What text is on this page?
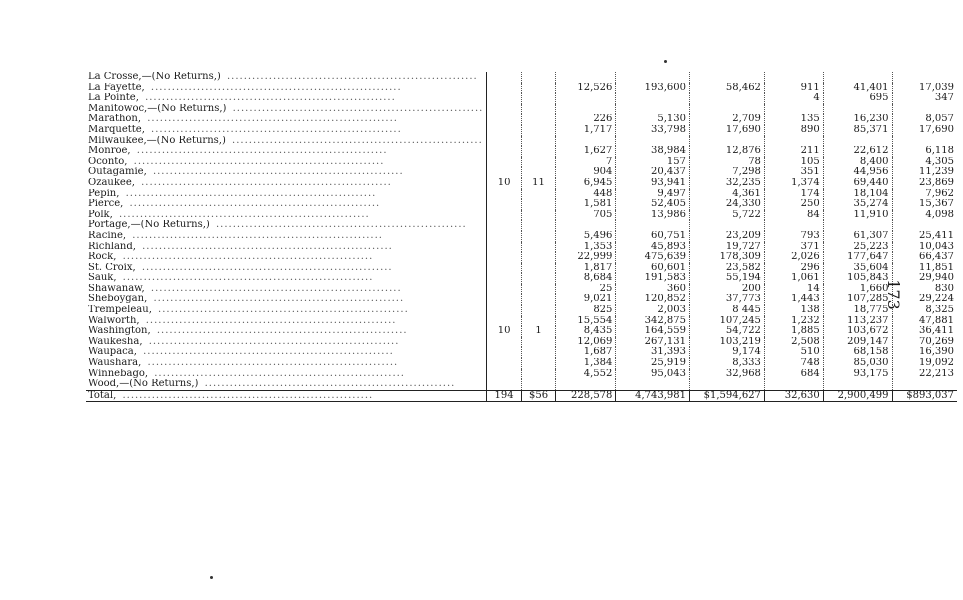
La Crosse,—(No Returns,) ............................................................									
La Fayette, ............................................................			12,526	193,600	58,462	911	41,401	17,039	
La Pointe, ............................................................						4	695	347	
Manitowoc,—(No Returns,) ............................................................									
Marathon, ............................................................			226	5,130	2,709	135	16,230	8,057	
Marquette, ............................................................			1,717	33,798	17,690	890	85,371	17,690	
Milwaukee,—(No Returns,) ............................................................									
Monroe, ............................................................			1,627	38,984	12,876	211	22,612	6,118	
Oconto, ............................................................			7	157	78	105	8,400	4,305	
Outagamie, ............................................................			904	20,437	7,298	351	44,956	11,239	
Ozaukee, ............................................................	10	11	6,945	93,941	32,235	1,374	69,440	23,869	
Pepin, ............................................................			448	9,497	4,361	174	18,104	7,962	
Pierce, ............................................................			1,581	52,405	24,330	250	35,274	15,367	
Polk, ............................................................			705	13,986	5,722	84	11,910	4,098	
Portage,—(No Returns,) ............................................................									
Racine, ............................................................			5,496	60,751	23,209	793	61,307	25,411	
Richland, ............................................................			1,353	45,893	19,727	371	25,223	10,043	
Rock, ............................................................			22,999	475,639	178,309	2,026	177,647	66,437	
St. Croix, ............................................................			1,817	60,601	23,582	296	35,604	11,851	
Sauk, ............................................................			8,684	191,583	55,194	1,061	105,843	29,940	
Shawanaw, ............................................................			25	360	200	14	1,660	830	
Sheboygan, ............................................................			9,021	120,852	37,773	1,443	107,285	29,224	
Trempeleau, ............................................................			825	2,003	8 445	138	18,775	8,325	
Walworth, ............................................................			15,554	342,875	107,245	1,232	113,237	47,881	
Washington, ............................................................	10	1	8,435	164,559	54,722	1,885	103,672	36,411	
Waukesha, ............................................................			12,069	267,131	103,219	2,508	209,147	70,269	
Waupaca, ............................................................			1,687	31,393	9,174	510	68,158	16,390	
Waushara, ............................................................			1,384	25,919	8,333	748	85,030	19,092	
Winnebago, ............................................................			4,552	95,043	32,968	684	93,175	22,213	
Wood,—(No Returns,) ............................................................									
Total, ............................................................	194	$56	228,578	4,743,981	$1,594,627	32,630	2,900,499	$893,037	
173
